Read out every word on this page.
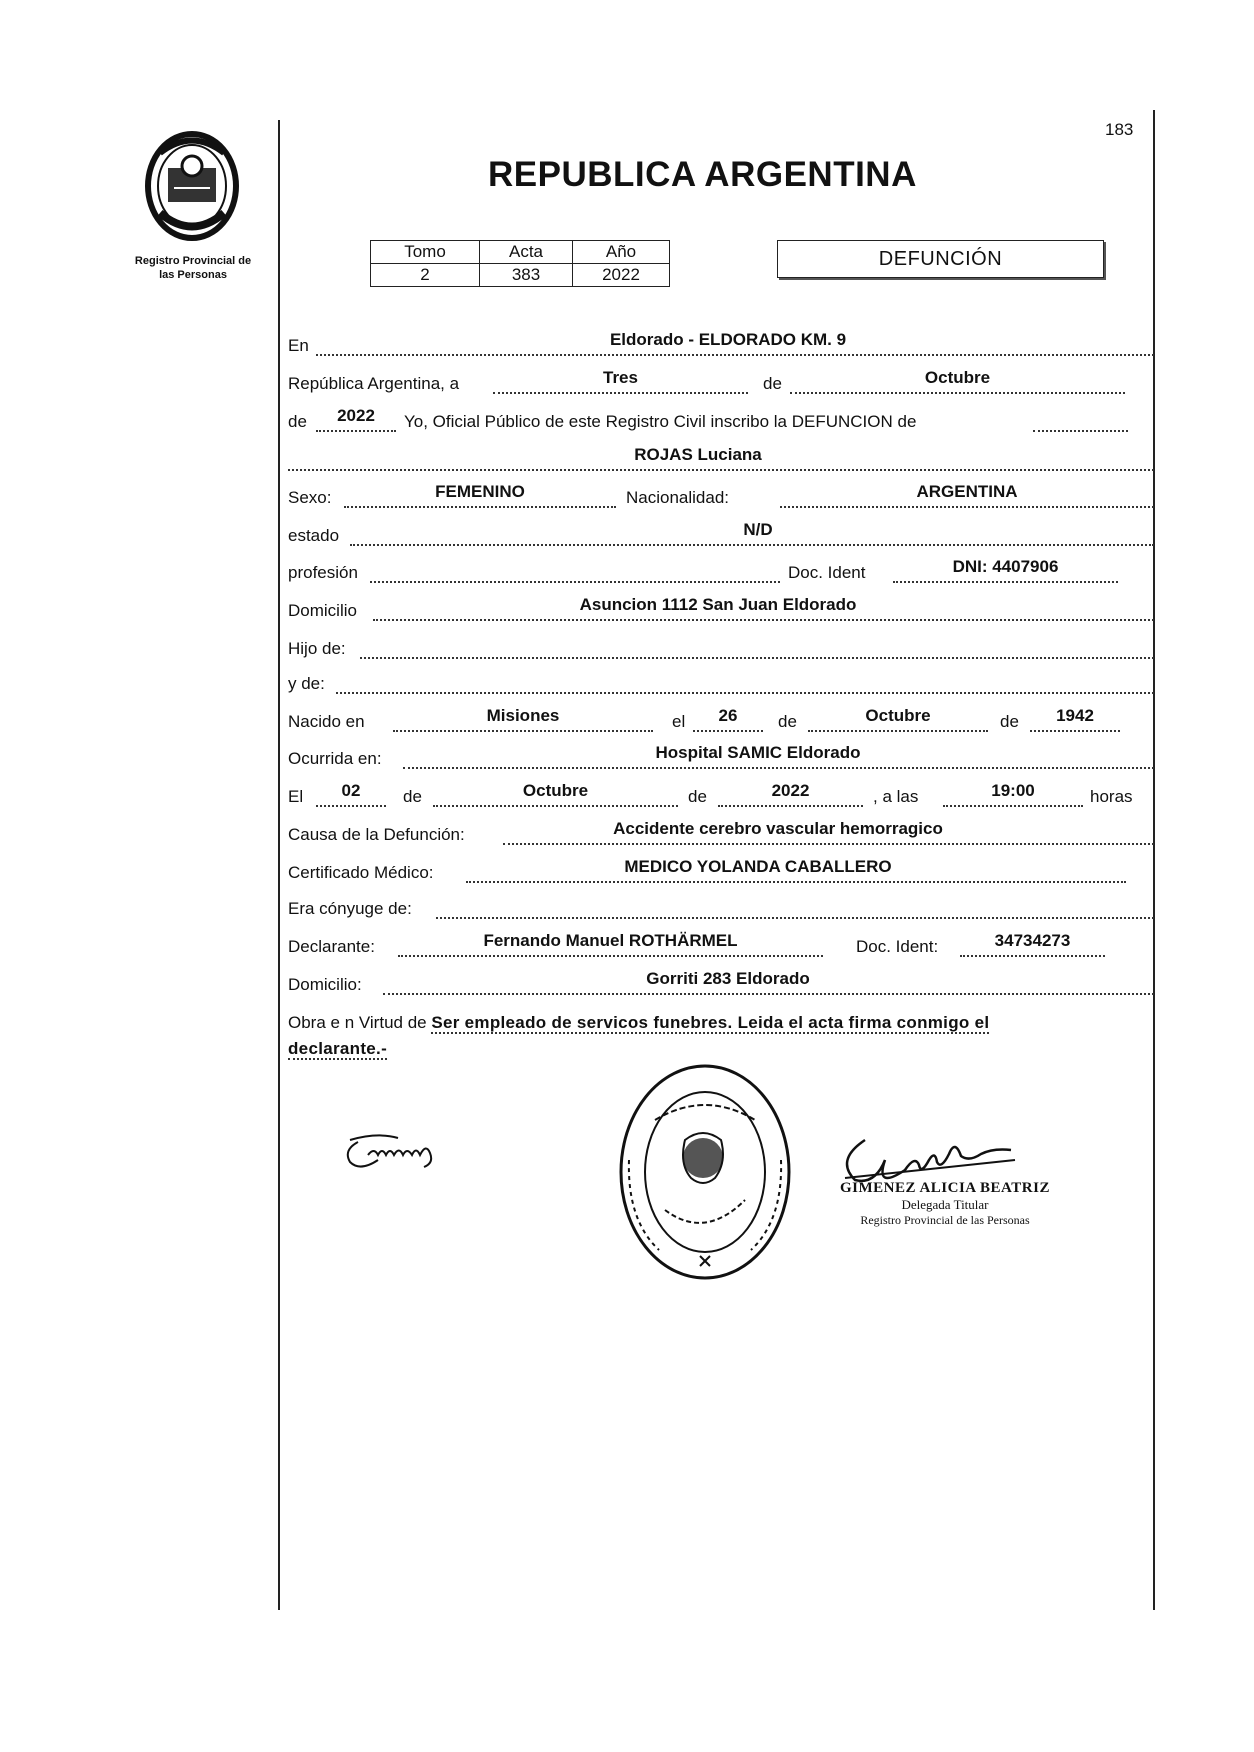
183
Registro Provincial de
las Personas
REPUBLICA ARGENTINA
Tomo	Acta	Año
2	383	2022
DEFUNCIÓN
En	Eldorado - ELDORADO KM. 9
República Argentina, a	Tres	de	Octubre
de	2022	Yo, Oficial Público de este Registro Civil inscribo la DEFUNCION de
ROJAS Luciana
Sexo:	FEMENINO	Nacionalidad:	ARGENTINA
estado	N/D
profesión	Doc. Ident	DNI: 4407906
Domicilio	Asuncion 1112 San Juan Eldorado
Hijo de:
y de:
Nacido en	Misiones	el	26	de	Octubre	de	1942
Ocurrida en:	Hospital SAMIC Eldorado
El	02	de	Octubre	de	2022	, a las	19:00	horas
Causa de la Defunción:	Accidente cerebro vascular hemorragico
Certificado Médico:	MEDICO YOLANDA CABALLERO
Era cónyuge de:
Declarante:	Fernando Manuel ROTHÄRMEL	Doc. Ident:	34734273
Domicilio:	Gorriti 283 Eldorado
Obra e n Virtud de Ser empleado de servicos funebres. Leida el acta firma conmigo el
declarante.-
GIMENEZ ALICIA BEATRIZ
Delegada Titular
Registro Provincial de las Personas
